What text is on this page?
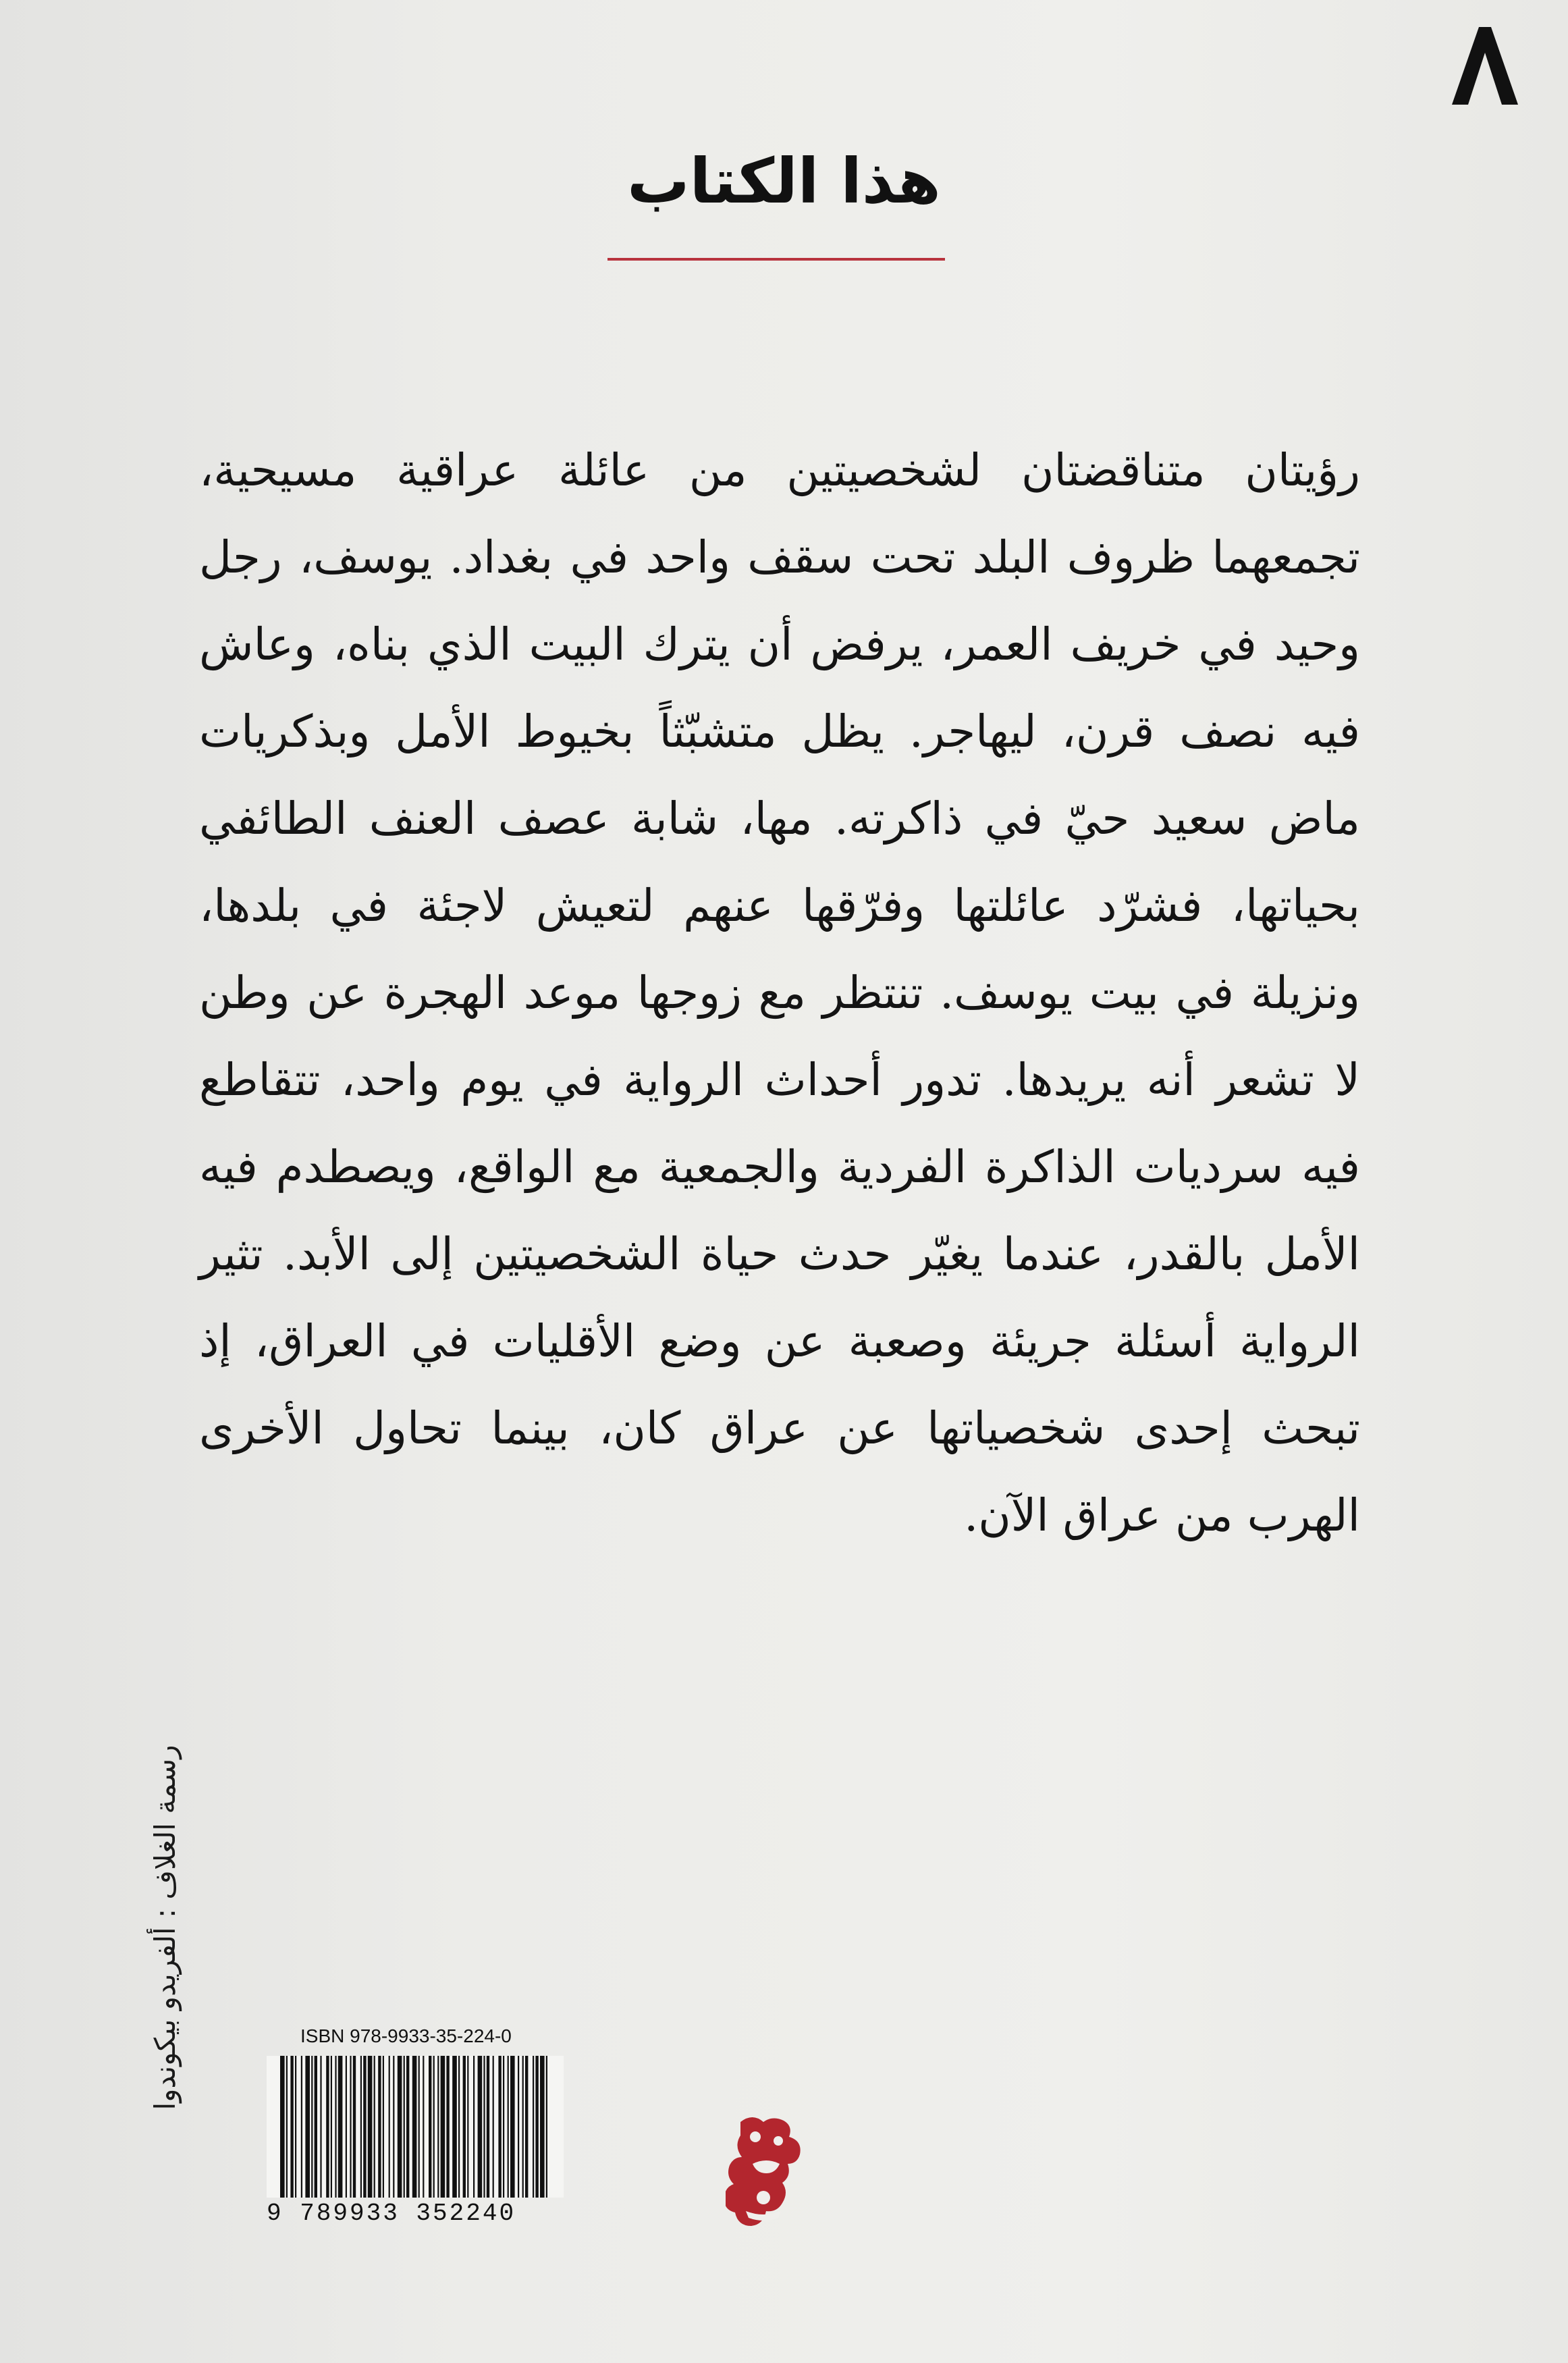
هذا الكتاب

رؤيتان متناقضتان لشخصيتين من عائلة عراقية مسيحية، تجمعهما ظروف البلد تحت سقف واحد في بغداد. يوسف، رجل وحيد في خريف العمر، يرفض أن يترك البيت الذي بناه، وعاش فيه نصف قرن، ليهاجر. يظل متشبّثاً بخيوط الأمل وبذكريات ماض سعيد حيّ في ذاكرته. مها، شابة عصف العنف الطائفي بحياتها، فشرّد عائلتها وفرّقها عنهم لتعيش لاجئة في بلدها، ونزيلة في بيت يوسف. تنتظر مع زوجها موعد الهجرة عن وطن لا تشعر أنه يريدها. تدور أحداث الرواية في يوم واحد، تتقاطع فيه سرديات الذاكرة الفردية والجمعية مع الواقع، ويصطدم فيه الأمل بالقدر، عندما يغيّر حدث حياة الشخصيتين إلى الأبد. تثير الرواية أسئلة جريئة وصعبة عن وضع الأقليات في العراق، إذ تبحث إحدى شخصياتها عن عراق كان، بينما تحاول الأخرى الهرب من عراق الآن.

رسمة الغلاف : ألفريدو بيكوندوا	ISBN 978-9933-35-224-0
9 789933 352240
